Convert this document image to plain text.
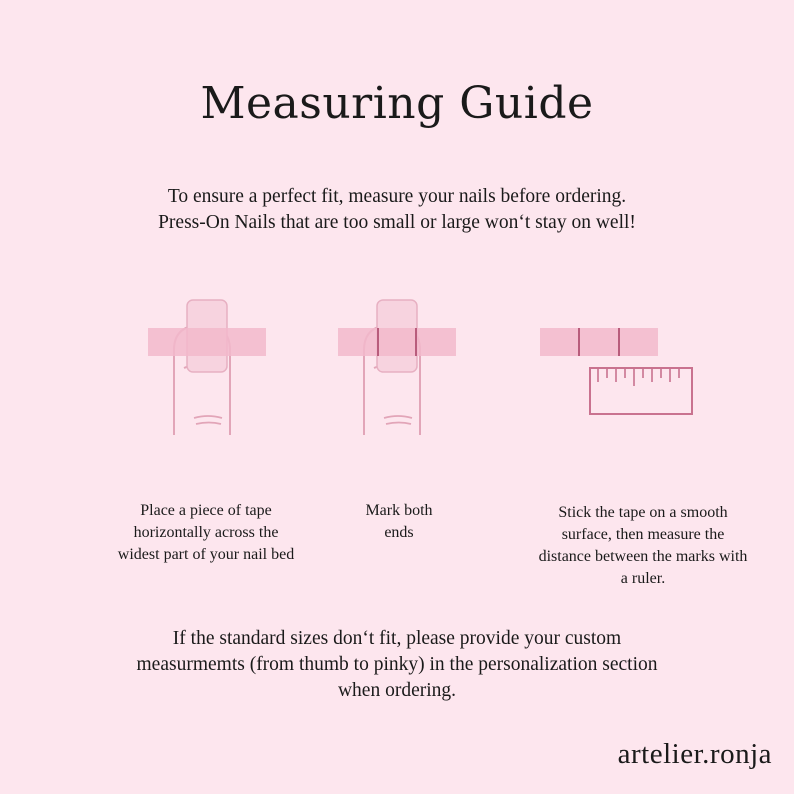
Measuring Guide
To ensure a perfect fit, measure your nails before ordering.
Press-On Nails that are too small or large won‘t stay on well!
Place a piece of tape
horizontally across the
widest part of your nail bed
Mark both
ends
Stick the tape on a smooth
surface, then measure the
distance between the marks with
a ruler.
If the standard sizes don‘t fit, please provide your custom
measurmemts (from thumb to pinky) in the personalization section
when ordering.
artelier.ronja
